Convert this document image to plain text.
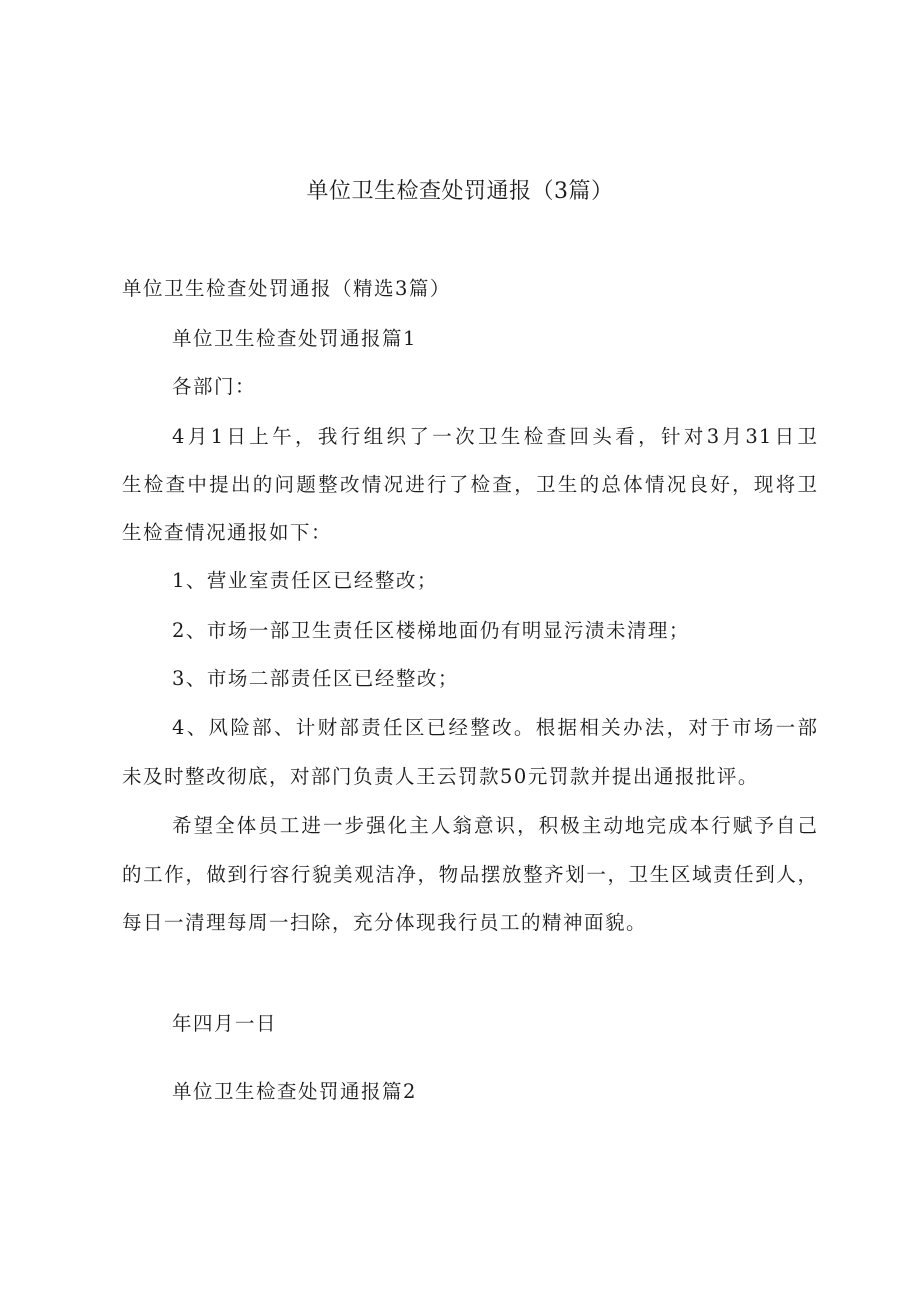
单位卫生检查处罚通报（3篇）
单位卫生检查处罚通报（精选3篇）
单位卫生检查处罚通报篇1
各部门：
4月1日上午，我行组织了一次卫生检查回头看，针对3月31日卫
生检查中提出的问题整改情况进行了检查，卫生的总体情况良好，现将卫
生检查情况通报如下：
1、营业室责任区已经整改；
2、市场一部卫生责任区楼梯地面仍有明显污渍未清理；
3、市场二部责任区已经整改；
4、风险部、计财部责任区已经整改。根据相关办法，对于市场一部
未及时整改彻底，对部门负责人王云罚款50元罚款并提出通报批评。
希望全体员工进一步强化主人翁意识，积极主动地完成本行赋予自己
的工作，做到行容行貌美观洁净，物品摆放整齐划一，卫生区域责任到人，
每日一清理每周一扫除，充分体现我行员工的精神面貌。
年四月一日
单位卫生检查处罚通报篇2
